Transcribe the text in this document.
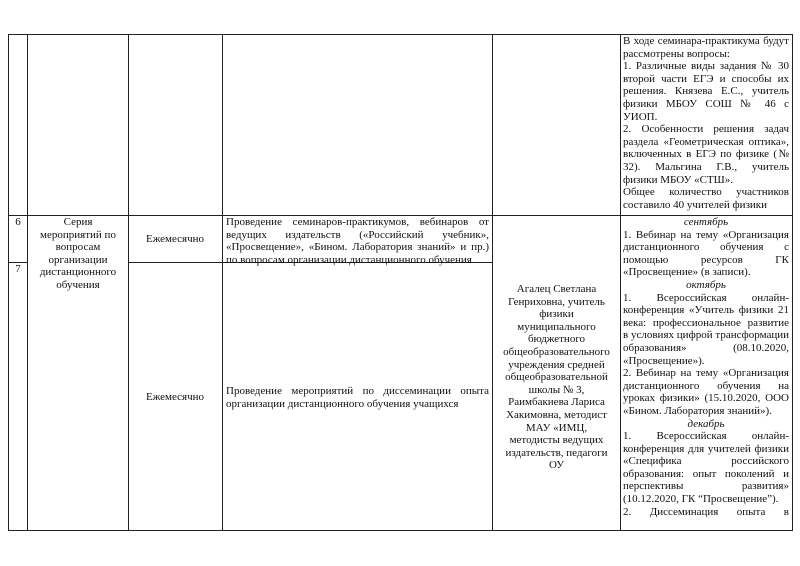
В ходе семинара-практикума будут рассмотрены вопросы:

1. Различные виды задания № 30 второй части ЕГЭ и способы их решения. Князева Е.С., учитель физики МБОУ СОШ № 46 с УИОП.

2. Особенности решения задач раздела «Геометрическая оптика», включенных в ЕГЭ по физике (№ 32). Мальгина Г.В., учитель физики МБОУ «СТШ».

Общее количество участников составило 40 учителей физики

6	Серия мероприятий по вопросам организации дистанционного обучения
Ежемесячно
Проведение семинаров-практикумов, вебинаров от ведущих издательств («Российский учебник», «Просвещение», «Бином. Лаборатория знаний» и пр.) по вопросам организации дистанционного обучения
7
Ежемесячно	Проведение мероприятий по диссеминации опыта организации дистанционного обучения учащихся
Агалец Светлана Генриховна, учитель физики муниципального бюджетного общеобразовательного учреждения средней общеобразовательной школы № 3, Раимбакиева Лариса Хакимовна, методист МАУ «ИМЦ, методисты ведущих издательств, педагоги ОУ
сентябрь

1. Вебинар на тему «Организация дистанционного обучения с помощью ресурсов ГК «Просвещение» (в записи).

октябрь

1. Всероссийская онлайн-конференция «Учитель физики 21 века: профессиональное развитие в условиях цифрой трансформации образования» (08.10.2020, «Просвещение»).

2. Вебинар на тему «Организация дистанционного обучения на уроках физики» (15.10.2020, ООО «Бином. Лаборатория знаний»).

декабрь

1. Всероссийская онлайн-конференция для учителей физики «Специфика российского образования: опыт поколений и перспективы развития» (10.12.2020, ГК “Просвещение”).

2. Диссеминация опыта в
